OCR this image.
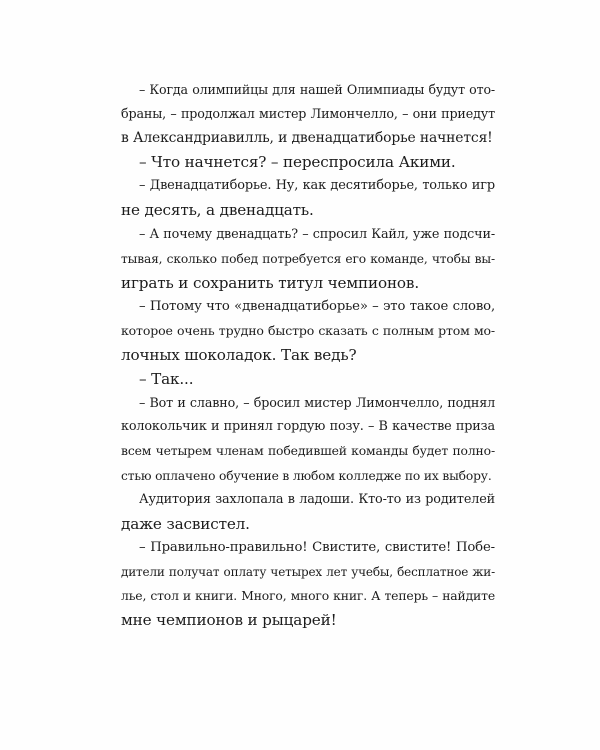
– Когда олимпийцы для нашей Олимпиады будут ото-
браны, – продолжал мистер Лимончелло, – они приедут
в Александриавилль, и двенадцатиборье начнется!
– Что начнется? – переспросила Акими.
– Двенадцатиборье. Ну, как десятиборье, только игр
не десять, а двенадцать.
– А почему двенадцать? – спросил Кайл, уже подсчи-
тывая, сколько побед потребуется его команде, чтобы вы-
играть и сохранить титул чемпионов.
– Потому что «двенадцатиборье» – это такое слово,
которое очень трудно быстро сказать с полным ртом мо-
лочных шоколадок. Так ведь?
– Так...
– Вот и славно, – бросил мистер Лимончелло, поднял
колокольчик и принял гордую позу. – В качестве приза
всем четырем членам победившей команды будет полно-
стью оплачено обучение в любом колледже по их выбору.
Аудитория захлопала в ладоши. Кто-то из родителей
даже засвистел.
– Правильно-правильно! Свистите, свистите! Побе-
дители получат оплату четырех лет учебы, бесплатное жи-
лье, стол и книги. Много, много книг. А теперь – найдите
мне чемпионов и рыцарей!
